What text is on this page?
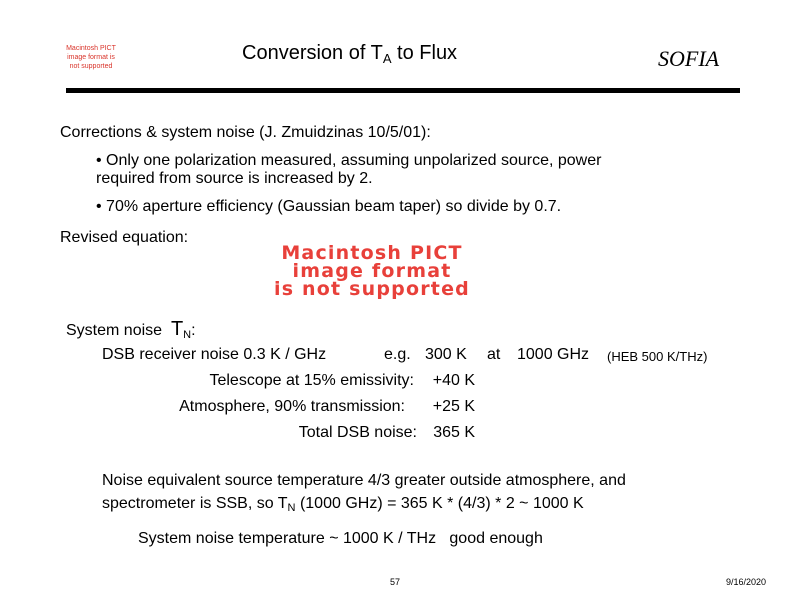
Macintosh PICT image format is not supported
Conversion of $T_A$ to Flux	SOFIA
Corrections & system noise (J. Zmuidzinas 10/5/01):
• Only one polarization measured, assuming unpolarized source, power
required from source is increased by 2.
• 70% aperture efficiency (Gaussian beam taper) so divide by 0.7.
Revised equation:
Macintosh PICT
image format
is not supported
System noise $T_N$:
DSB receiver noise 0.3 K / GHz	e.g. 300 K at 1000 GHz (HEB 500 K/THz)
Telescope at 15% emissivity: +40 K
Atmosphere, 90% transmission: +25 K
Total DSB noise: 365 K
Noise equivalent source temperature 4/3 greater outside atmosphere, and
spectrometer is SSB, so $T_N$ (1000 GHz) = 365 K * (4/3) * 2 ~ 1000 K
System noise temperature ~ 1000 K / THz   good enough
57	9/16/2020
